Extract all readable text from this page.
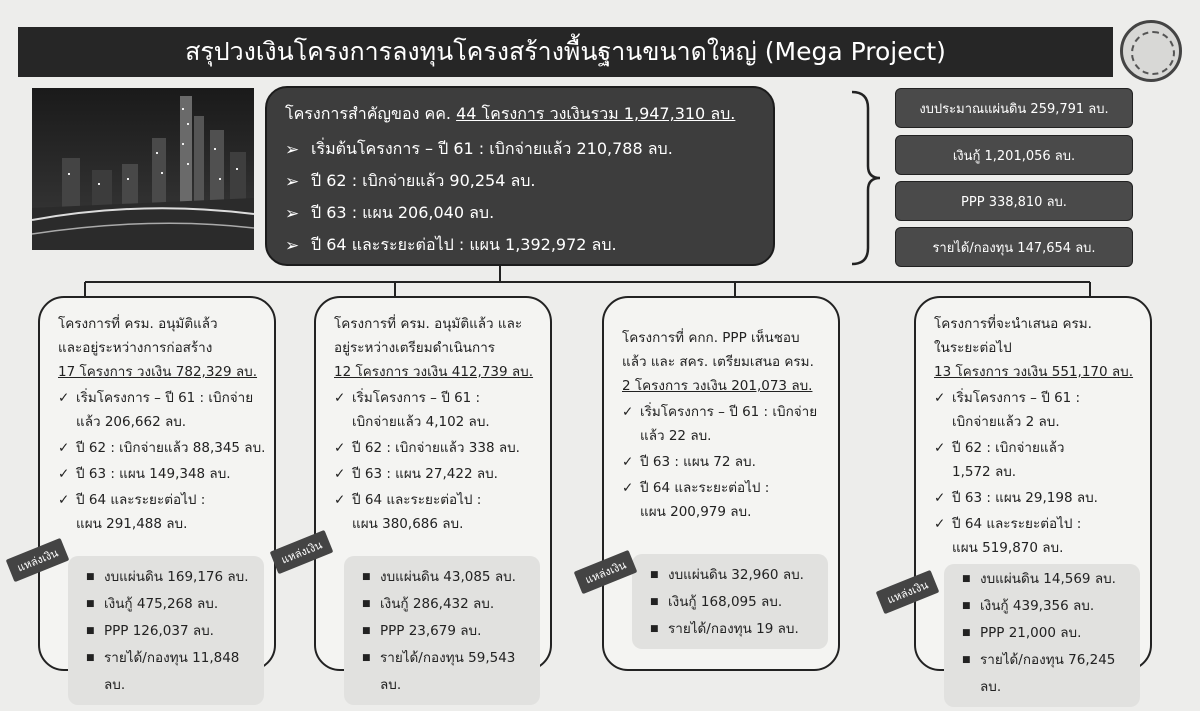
สรุปวงเงินโครงการลงทุนโครงสร้างพื้นฐานขนาดใหญ่ (Mega Project)
โครงการสำคัญของ คค. 44 โครงการ วงเงินรวม 1,947,310 ลบ.
➢ เริ่มต้นโครงการ – ปี 61 : เบิกจ่ายแล้ว 210,788 ลบ.
➢ ปี 62 : เบิกจ่ายแล้ว 90,254 ลบ.
➢ ปี 63 : แผน 206,040 ลบ.
➢ ปี 64 และระยะต่อไป : แผน 1,392,972 ลบ.
งบประมาณแผ่นดิน 259,791 ลบ.
เงินกู้ 1,201,056 ลบ.
PPP 338,810 ลบ.
รายได้/กองทุน 147,654 ลบ.
โครงการที่ ครม. อนุมัติแล้ว
และอยู่ระหว่างการก่อสร้าง
17 โครงการ วงเงิน 782,329 ลบ.
✓ เริ่มโครงการ – ปี 61 : เบิกจ่าย
แล้ว 206,662 ลบ.
✓ ปี 62 : เบิกจ่ายแล้ว 88,345 ลบ.
✓ ปี 63 : แผน 149,348 ลบ.
✓ ปี 64 และระยะต่อไป :
แผน 291,488 ลบ.
■ งบแผ่นดิน 169,176 ลบ.
■ เงินกู้ 475,268 ลบ.
■ PPP 126,037 ลบ.
■ รายได้/กองทุน 11,848 ลบ.
แหล่งเงิน
โครงการที่ ครม. อนุมัติแล้ว และ
อยู่ระหว่างเตรียมดำเนินการ
12 โครงการ วงเงิน 412,739 ลบ.
✓ เริ่มโครงการ – ปี 61 :
เบิกจ่ายแล้ว 4,102 ลบ.
✓ ปี 62 : เบิกจ่ายแล้ว 338 ลบ.
✓ ปี 63 : แผน 27,422 ลบ.
✓ ปี 64 และระยะต่อไป :
แผน 380,686 ลบ.
■ งบแผ่นดิน 43,085 ลบ.
■ เงินกู้ 286,432 ลบ.
■ PPP 23,679 ลบ.
■ รายได้/กองทุน 59,543 ลบ.
แหล่งเงิน
โครงการที่ คกก. PPP เห็นชอบ
แล้ว และ สคร. เตรียมเสนอ ครม.
2 โครงการ วงเงิน 201,073 ลบ.
✓ เริ่มโครงการ – ปี 61 : เบิกจ่าย
แล้ว 22 ลบ.
✓ ปี 63 : แผน 72 ลบ.
✓ ปี 64 และระยะต่อไป :
แผน 200,979 ลบ.
■ งบแผ่นดิน 32,960 ลบ.
■ เงินกู้ 168,095 ลบ.
■ รายได้/กองทุน 19 ลบ.
แหล่งเงิน
โครงการที่จะนำเสนอ ครม.
ในระยะต่อไป
13 โครงการ วงเงิน 551,170 ลบ.
✓ เริ่มโครงการ – ปี 61 :
เบิกจ่ายแล้ว 2 ลบ.
✓ ปี 62 : เบิกจ่ายแล้ว
1,572 ลบ.
✓ ปี 63 : แผน 29,198 ลบ.
✓ ปี 64 และระยะต่อไป :
แผน 519,870 ลบ.
■ งบแผ่นดิน 14,569 ลบ.
■ เงินกู้ 439,356 ลบ.
■ PPP 21,000 ลบ.
■ รายได้/กองทุน 76,245 ลบ.
แหล่งเงิน
